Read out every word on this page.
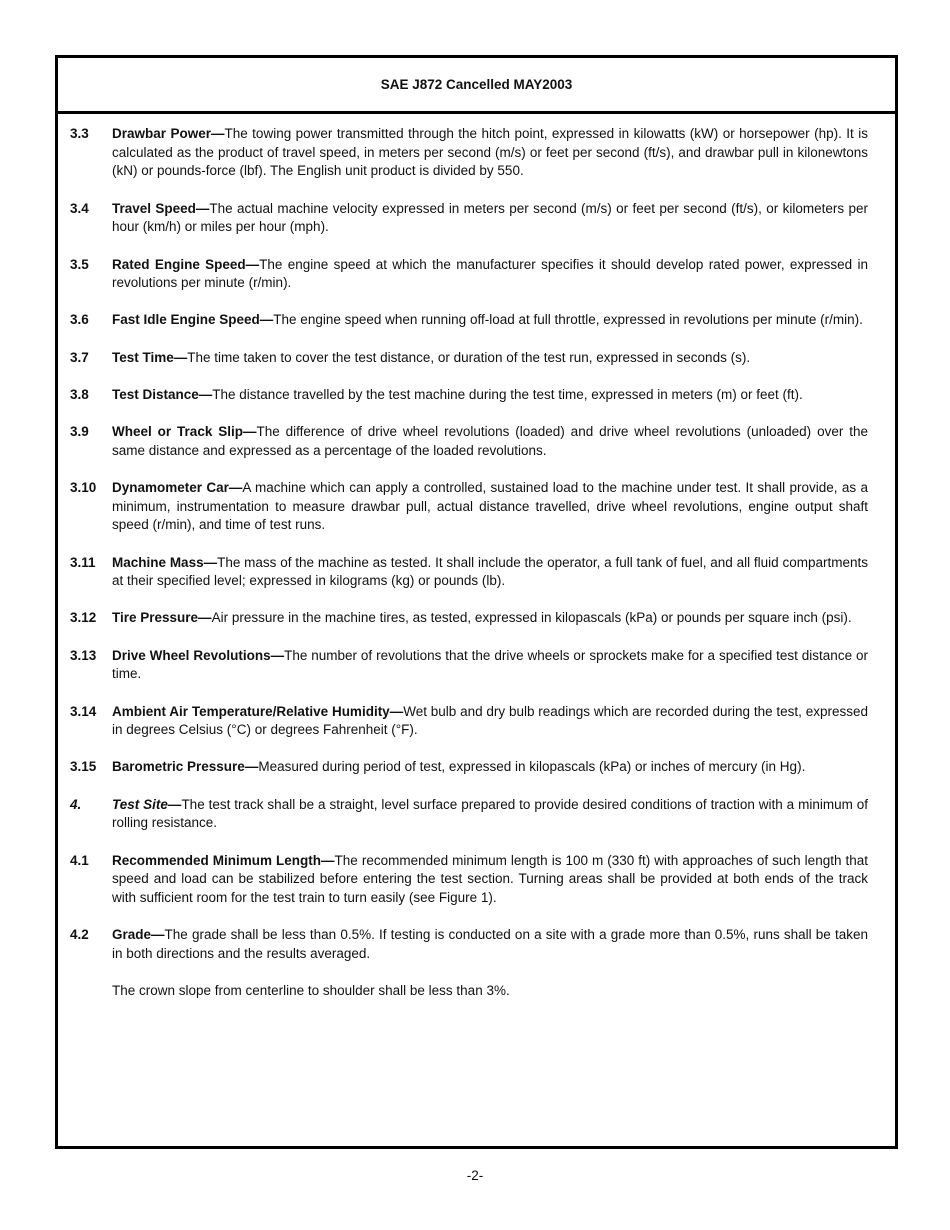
SAE J872 Cancelled MAY2003
3.3	Drawbar Power—The towing power transmitted through the hitch point, expressed in kilowatts (kW) or horsepower (hp). It is calculated as the product of travel speed, in meters per second (m/s) or feet per second (ft/s), and drawbar pull in kilonewtons (kN) or pounds-force (lbf). The English unit product is divided by 550.
3.4	Travel Speed—The actual machine velocity expressed in meters per second (m/s) or feet per second (ft/s), or kilometers per hour (km/h) or miles per hour (mph).
3.5	Rated Engine Speed—The engine speed at which the manufacturer specifies it should develop rated power, expressed in revolutions per minute (r/min).
3.6	Fast Idle Engine Speed—The engine speed when running off-load at full throttle, expressed in revolutions per minute (r/min).
3.7	Test Time—The time taken to cover the test distance, or duration of the test run, expressed in seconds (s).
3.8	Test Distance—The distance travelled by the test machine during the test time, expressed in meters (m) or feet (ft).
3.9	Wheel or Track Slip—The difference of drive wheel revolutions (loaded) and drive wheel revolutions (unloaded) over the same distance and expressed as a percentage of the loaded revolutions.
3.10	Dynamometer Car—A machine which can apply a controlled, sustained load to the machine under test. It shall provide, as a minimum, instrumentation to measure drawbar pull, actual distance travelled, drive wheel revolutions, engine output shaft speed (r/min), and time of test runs.
3.11	Machine Mass—The mass of the machine as tested. It shall include the operator, a full tank of fuel, and all fluid compartments at their specified level; expressed in kilograms (kg) or pounds (lb).
3.12	Tire Pressure—Air pressure in the machine tires, as tested, expressed in kilopascals (kPa) or pounds per square inch (psi).
3.13	Drive Wheel Revolutions—The number of revolutions that the drive wheels or sprockets make for a specified test distance or time.
3.14	Ambient Air Temperature/Relative Humidity—Wet bulb and dry bulb readings which are recorded during the test, expressed in degrees Celsius (°C) or degrees Fahrenheit (°F).
3.15	Barometric Pressure—Measured during period of test, expressed in kilopascals (kPa) or inches of mercury (in Hg).
4.	Test Site—The test track shall be a straight, level surface prepared to provide desired conditions of traction with a minimum of rolling resistance.
4.1	Recommended Minimum Length—The recommended minimum length is 100 m (330 ft) with approaches of such length that speed and load can be stabilized before entering the test section. Turning areas shall be provided at both ends of the track with sufficient room for the test train to turn easily (see Figure 1).
4.2	Grade—The grade shall be less than 0.5%. If testing is conducted on a site with a grade more than 0.5%, runs shall be taken in both directions and the results averaged.
The crown slope from centerline to shoulder shall be less than 3%.
-2-
